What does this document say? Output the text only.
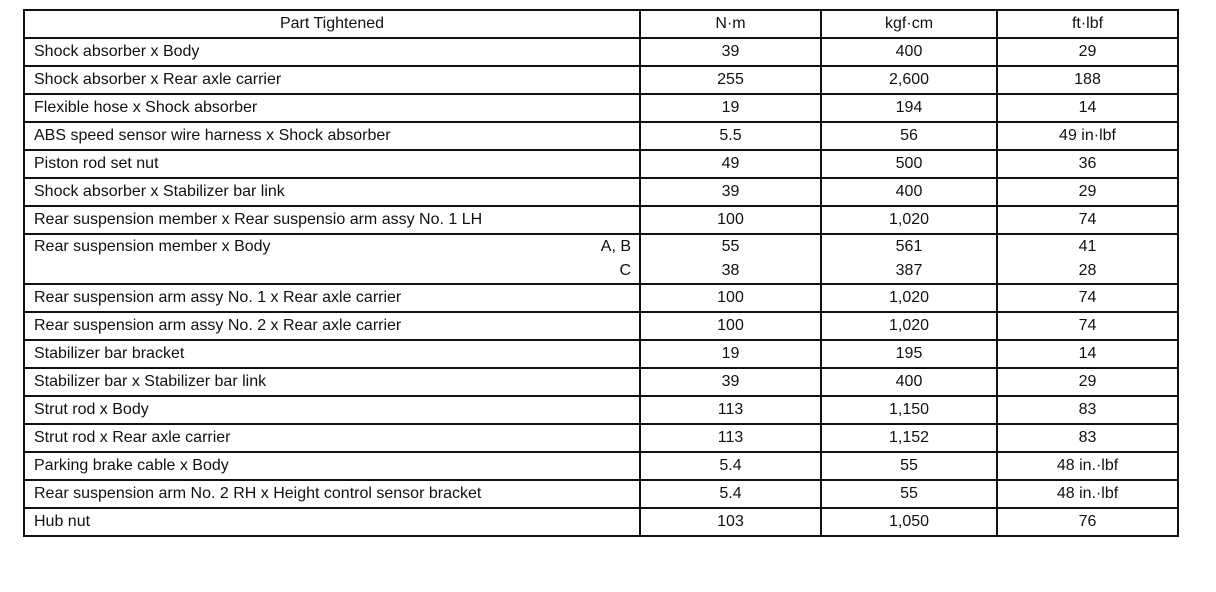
Part Tightened		N·m	kgf·cm	ft·lbf
Shock absorber x Body		39	400	29
Shock absorber x Rear axle carrier		255	2,600	188
Flexible hose x Shock absorber		19	194	14
ABS speed sensor wire harness x Shock absorber		5.5	56	49 in·lbf
Piston rod set nut		49	500	36
Shock absorber x Stabilizer bar link		39	400	29
Rear suspension member x Rear suspensio arm assy No. 1 LH		100	1,020	74
Rear suspension member x Body	A, B	55	561	41
	C	38	387	28
Rear suspension arm assy No. 1 x Rear axle carrier		100	1,020	74
Rear suspension arm assy No. 2 x Rear axle carrier		100	1,020	74
Stabilizer bar bracket		19	195	14
Stabilizer bar x Stabilizer bar link		39	400	29
Strut rod x Body		113	1,150	83
Strut rod x Rear axle carrier		113	1,152	83
Parking brake cable x Body		5.4	55	48 in.·lbf
Rear suspension arm No. 2 RH x Height control sensor bracket		5.4	55	48 in.·lbf
Hub nut		103	1,050	76
